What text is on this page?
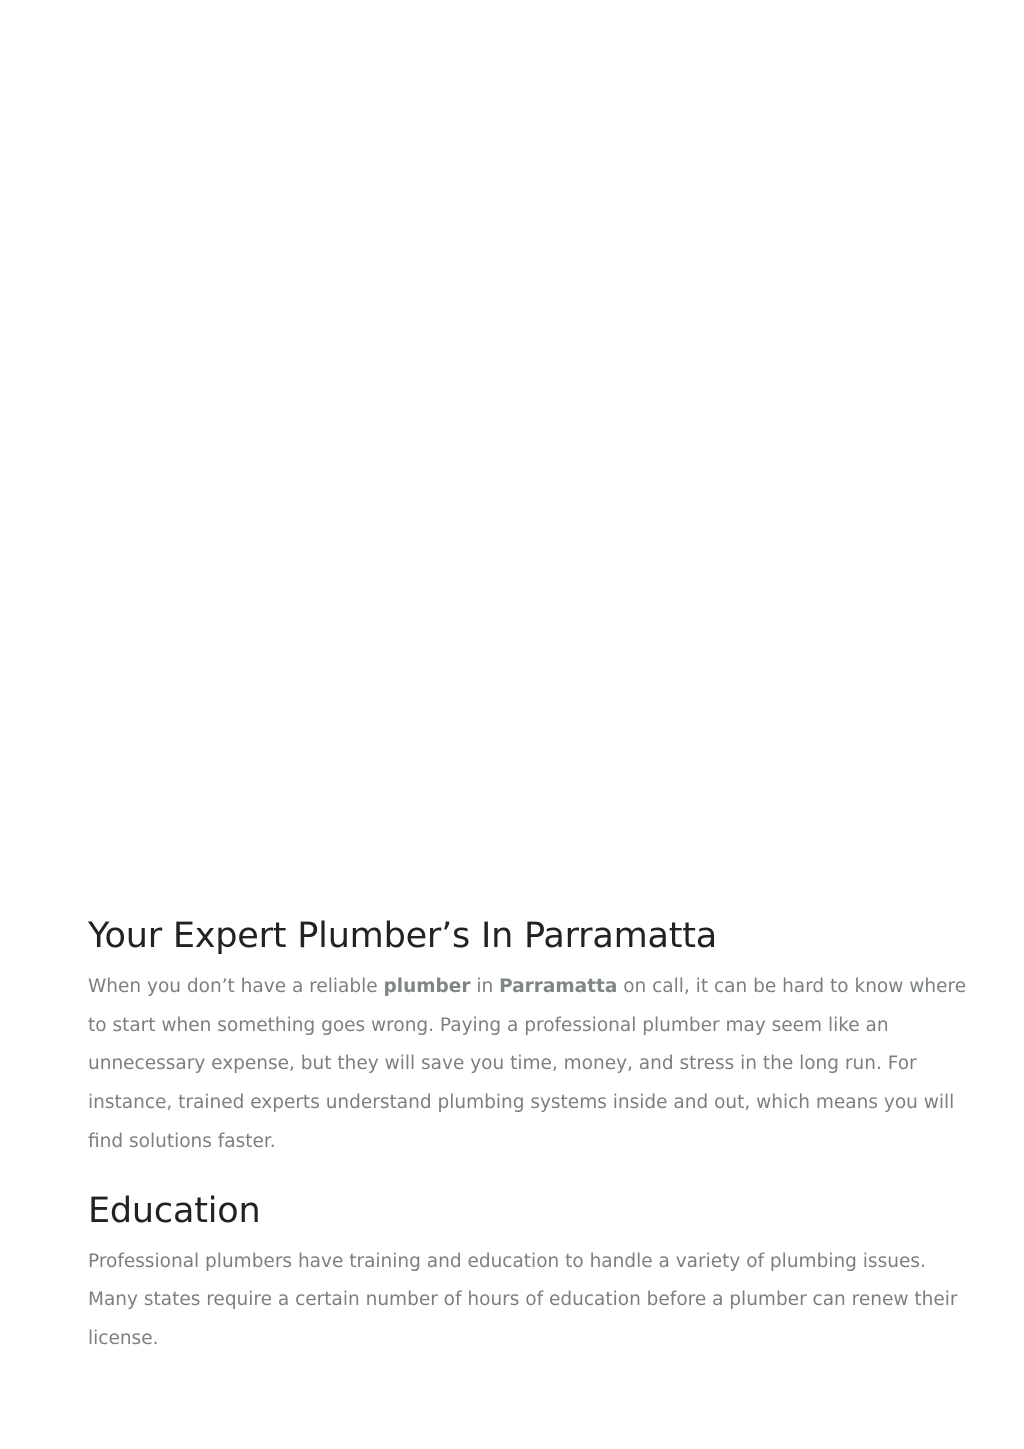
Your Expert Plumber’s In Parramatta

When you don’t have a reliable plumber in Parramatta on call, it can be hard to know where to start when something goes wrong. Paying a professional plumber may seem like an unnecessary expense, but they will save you time, money, and stress in the long run. For instance, trained experts understand plumbing systems inside and out, which means you will find solutions faster.

Education

Professional plumbers have training and education to handle a variety of plumbing issues. Many states require a certain number of hours of education before a plumber can renew their license.
